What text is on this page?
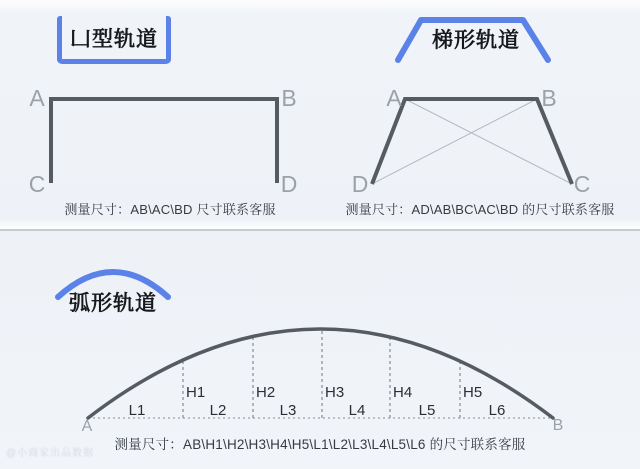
凵型轨道
A	B
C	D
测量尺寸：AB\AC\BD 尺寸联系客服
梯形轨道
A	B
D	C
测量尺寸：AD\AB\BC\AC\BD 的尺寸联系客服
弧形轨道
H1	H2	H3	H4	H5
L1	L2	L3	L4	L5	L6
A	B
测量尺寸：AB\H1\H2\H3\H4\H5\L1\L2\L3\L4\L5\L6 的尺寸联系客服
@小商家出品数据
